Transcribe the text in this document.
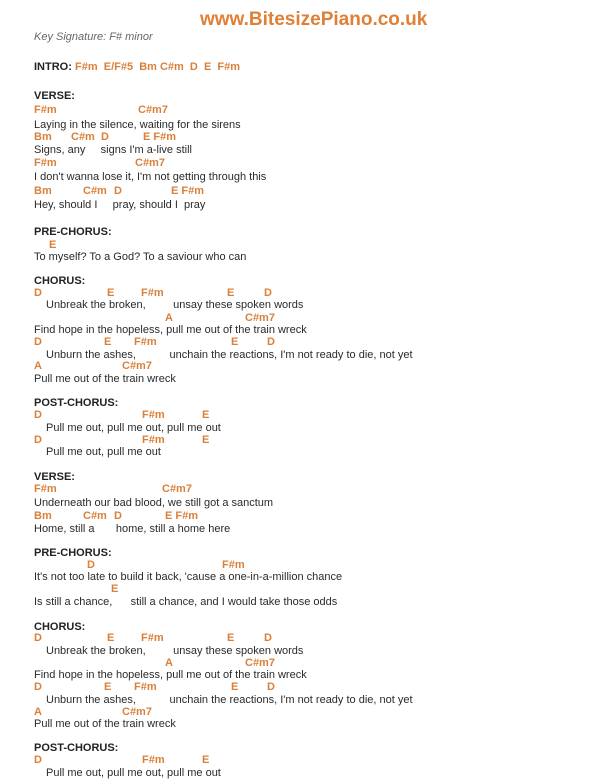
www.BitesizePiano.co.uk
Key Signature: F# minor
INTRO: F#m  E/F#5  Bm C#m  D  E  F#m
VERSE:
F#m	C#m7
Laying in the silence, waiting for the sirens
Bm C#m D	E F#m
Signs, any     signs I'm a-live still
F#m	C#m7
I don't wanna lose it, I'm not getting through this
Bm	C#m D	E F#m
Hey, should I     pray, should I  pray
PRE-CHORUS:
E
To myself? To a God? To a saviour who can
CHORUS:
D	E F#m	E	D
Unbreak the broken,         unsay these spoken words
A	C#m7
Find hope in the hopeless, pull me out of the train wreck
D	E F#m	E	D
Unburn the ashes,           unchain the reactions, I'm not ready to die, not yet
A	C#m7
Pull me out of the train wreck
POST-CHORUS:
D	F#m	E
Pull me out, pull me out, pull me out
D	F#m	E
Pull me out, pull me out
VERSE:
F#m	C#m7
Underneath our bad blood, we still got a sanctum
Bm	C#m D	E F#m
Home, still a       home, still a home here
PRE-CHORUS:
D	F#m
It's not too late to build it back, 'cause a one-in-a-million chance
E
Is still a chance,      still a chance, and I would take those odds
CHORUS:
D	E F#m	E	D
Unbreak the broken,         unsay these spoken words
A	C#m7
Find hope in the hopeless, pull me out of the train wreck
D	E F#m	E	D
Unburn the ashes,           unchain the reactions, I'm not ready to die, not yet
A	C#m7
Pull me out of the train wreck
POST-CHORUS:
D	F#m	E
Pull me out, pull me out, pull me out
